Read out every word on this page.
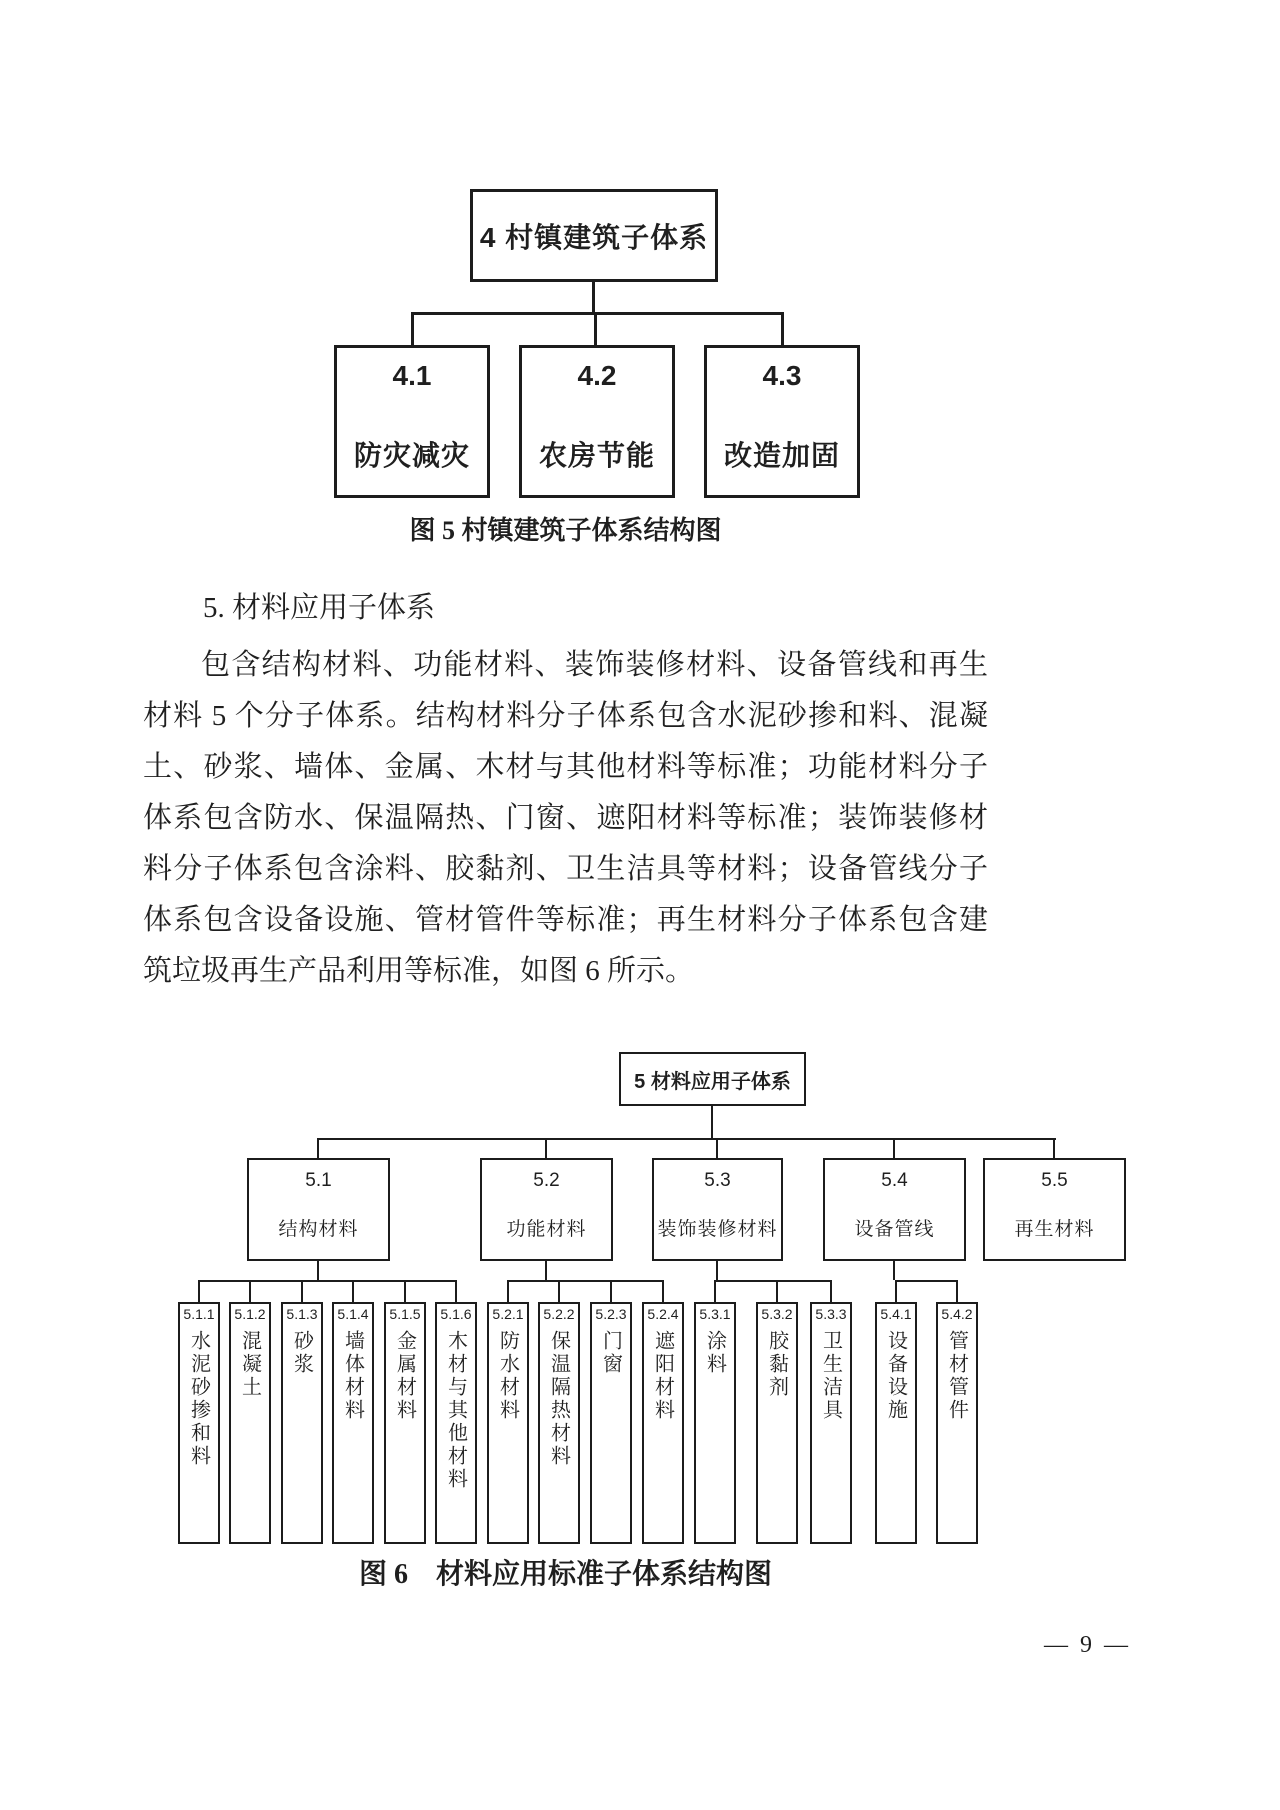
4 村镇建筑子体系
4.1
防灾减灾
4.2
农房节能
4.3
改造加固
图 5 村镇建筑子体系结构图
5. 材料应用子体系
包含结构材料、功能材料、装饰装修材料、设备管线和再生
材料 5 个分子体系。结构材料分子体系包含水泥砂掺和料、混凝
土、砂浆、墙体、金属、木材与其他材料等标准；功能材料分子
体系包含防水、保温隔热、门窗、遮阳材料等标准；装饰装修材
料分子体系包含涂料、胶黏剂、卫生洁具等材料；设备管线分子
体系包含设备设施、管材管件等标准；再生材料分子体系包含建
筑垃圾再生产品利用等标准，如图 6 所示。
5 材料应用子体系
5.1
结构材料
5.2
功能材料
5.3
装饰装修材料
5.4
设备管线
5.5
再生材料
5.1.1
水泥砂掺和料
5.1.2
混凝土
5.1.3
砂浆
5.1.4
墙体材料
5.1.5
金属材料
5.1.6
木材与其他材料
5.2.1
防水材料
5.2.2
保温隔热材料
5.2.3
门窗
5.2.4
遮阳材料
5.3.1
涂料
5.3.2
胶黏剂
5.3.3
卫生洁具
5.4.1
设备设施
5.4.2
管材管件
图 6　材料应用标准子体系结构图
— 9 —
